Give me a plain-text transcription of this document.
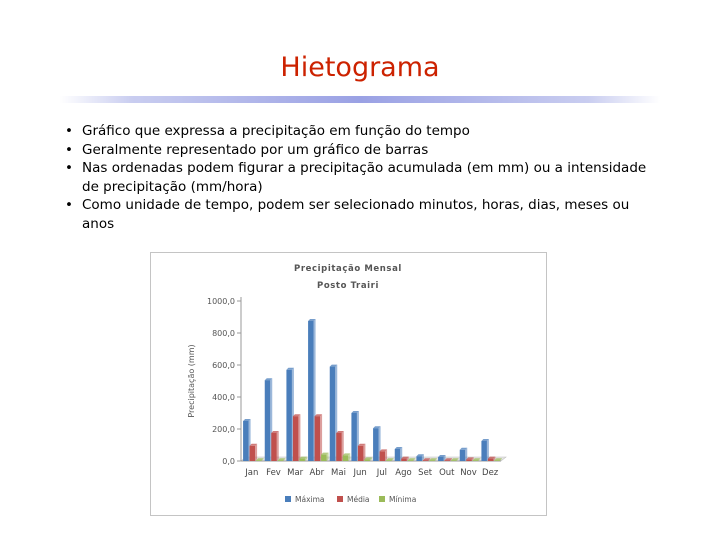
Hietograma
• Gráfico que expressa a precipitação em função do tempo
• Geralmente representado por um gráfico de barras
• Nas ordenadas podem figurar a precipitação acumulada (em mm) ou a intensidade de precipitação (mm/hora)
• Como unidade de tempo, podem ser selecionado minutos, horas, dias, meses ou anos
Precipitação Mensal
Posto Trairi
Precipitação (mm)
0,0
200,0
400,0
600,0
800,0
1000,0
Jan Fev Mar Abr Mai Jun Jul Ago Set Out Nov Dez
Máxima	Média	Mínima
